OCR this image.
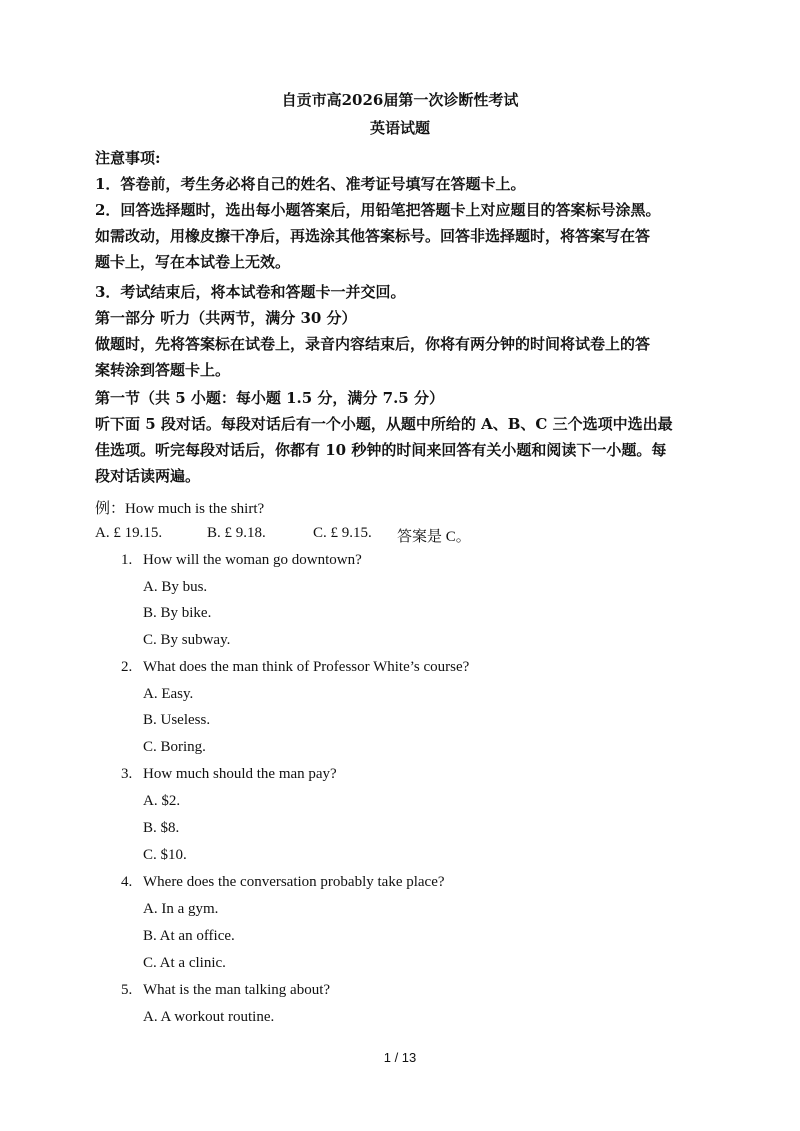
自贡市高2026届第一次诊断性考试
英语试题
注意事项:
1．答卷前，考生务必将自己的姓名、准考证号填写在答题卡上。
2．回答选择题时，选出每小题答案后，用铅笔把答题卡上对应题目的答案标号涂黑。
如需改动，用橡皮擦干净后，再选涂其他答案标号。回答非选择题时，将答案写在答
题卡上，写在本试卷上无效。
3．考试结束后，将本试卷和答题卡一并交回。
第一部分 听力（共两节，满分 30 分）
做题时，先将答案标在试卷上，录音内容结束后，你将有两分钟的时间将试卷上的答
案转涂到答题卡上。
第一节（共 5 小题：每小题 1.5 分，满分 7.5 分）
听下面 5 段对话。每段对话后有一个小题，从题中所给的 A、B、C 三个选项中选出最
佳选项。听完每段对话后，你都有 10 秒钟的时间来回答有关小题和阅读下一小题。每
段对话读两遍。
例：How much is the shirt?
A. £ 19.15.	B. £ 9.18.	C. £ 9.15. 答案是 C。
1. How will the woman go downtown?
A. By bus.
B. By bike.
C. By subway.
2. What does the man think of Professor White’s course?
A. Easy.
B. Useless.
C. Boring.
3. How much should the man pay?
A. $2.
B. $8.
C. $10.
4. Where does the conversation probably take place?
A. In a gym.
B. At an office.
C. At a clinic.
5. What is the man talking about?
A. A workout routine.
1 / 13
